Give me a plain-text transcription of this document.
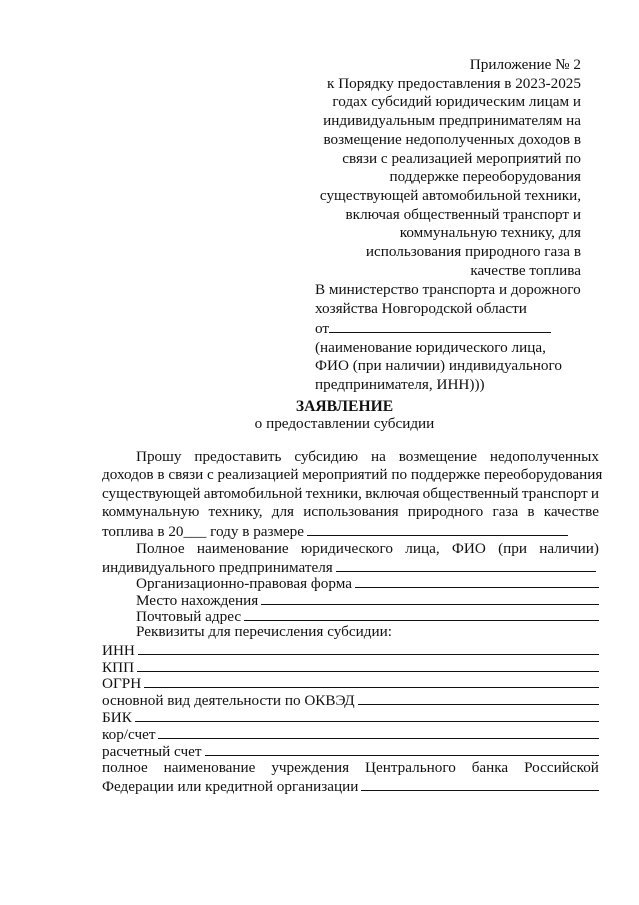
Приложение № 2
к Порядку предоставления в 2023-2025
годах субсидий юридическим лицам и
индивидуальным предпринимателям на
возмещение недополученных доходов в
связи с реализацией мероприятий по
поддержке переоборудования
существующей автомобильной техники,
включая общественный транспорт и
коммунальную технику, для
использования природного газа в
качестве топлива
В министерство транспорта и дорожного
хозяйства Новгородской области
от
(наименование юридического лица,
ФИО (при наличии) индивидуального
предпринимателя, ИНН)))
ЗАЯВЛЕНИЕ
о предоставлении субсидии
Прошу предоставить субсидию на возмещение недополученных
доходов в связи с реализацией мероприятий по поддержке переоборудования
существующей автомобильной техники, включая общественный транспорт и
коммунальную технику, для использования природного газа в качестве
топлива в 20___ году в размере
Полное наименование юридического лица, ФИО (при наличии)
индивидуального предпринимателя
Организационно-правовая форма
Место нахождения
Почтовый адрес
Реквизиты для перечисления субсидии:
ИНН
КПП
ОГРН
основной вид деятельности по ОКВЭД
БИК
кор/счет
расчетный счет
полное наименование учреждения Центрального банка Российской
Федерации или кредитной организации
